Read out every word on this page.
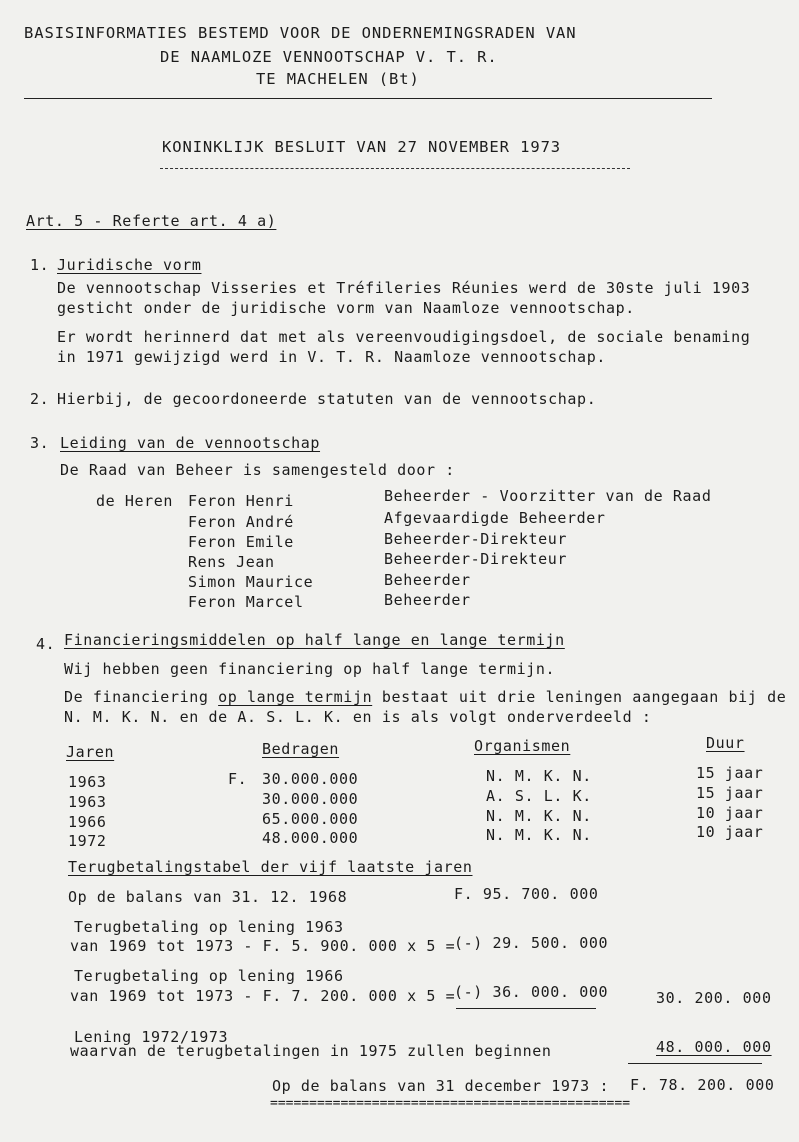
BASISINFORMATIES BESTEMD VOOR DE ONDERNEMINGSRADEN VAN
DE NAAMLOZE VENNOOTSCHAP V. T. R.
TE MACHELEN (Bt)
KONINKLIJK BESLUIT VAN 27 NOVEMBER 1973
Art. 5 - Referte art. 4 a)
1. Juridische vorm
De vennootschap Visseries et Tréfileries Réunies werd de 30ste juli 1903
gesticht onder de juridische vorm van Naamloze vennootschap.
Er wordt herinnerd dat met als vereenvoudigingsdoel, de sociale benaming
in 1971 gewijzigd werd in V. T. R. Naamloze vennootschap.
2. Hierbij, de gecoordoneerde statuten van de vennootschap.
3. Leiding van de vennootschap
De Raad van Beheer is samengesteld door :
de Heren Feron Henri	Beheerder - Voorzitter van de Raad
Feron André	Afgevaardigde Beheerder
Feron Emile	Beheerder-Direkteur
Rens Jean	Beheerder-Direkteur
Simon Maurice	Beheerder
Feron Marcel	Beheerder
4. Financieringsmiddelen op half lange en lange termijn
Wij hebben geen financiering op half lange termijn.
De financiering op lange termijn bestaat uit drie leningen aangegaan bij de
N. M. K. N. en de A. S. L. K. en is als volgt onderverdeeld :
Jaren	Bedragen	Organismen	Duur
F.
1963	30.000.000	N. M. K. N.	15 jaar
1963	30.000.000	A. S. L. K.	15 jaar
1966	65.000.000	N. M. K. N.	10 jaar
1972	48.000.000	N. M. K. N.	10 jaar
Terugbetalingstabel der vijf laatste jaren
Op de balans van 31. 12. 1968	F. 95. 700. 000
Terugbetaling op lening 1963
van 1969 tot 1973 - F. 5. 900. 000 x 5 =
(-) 29. 500. 000
Terugbetaling op lening 1966
van 1969 tot 1973 - F. 7. 200. 000 x 5 =
(-) 36. 000. 000	30. 200. 000
Lening 1972/1973
waarvan de terugbetalingen in 1975 zullen beginnen	48. 000. 000
Op de balans van 31 december 1973 : F. 78. 200. 000
==============================================
